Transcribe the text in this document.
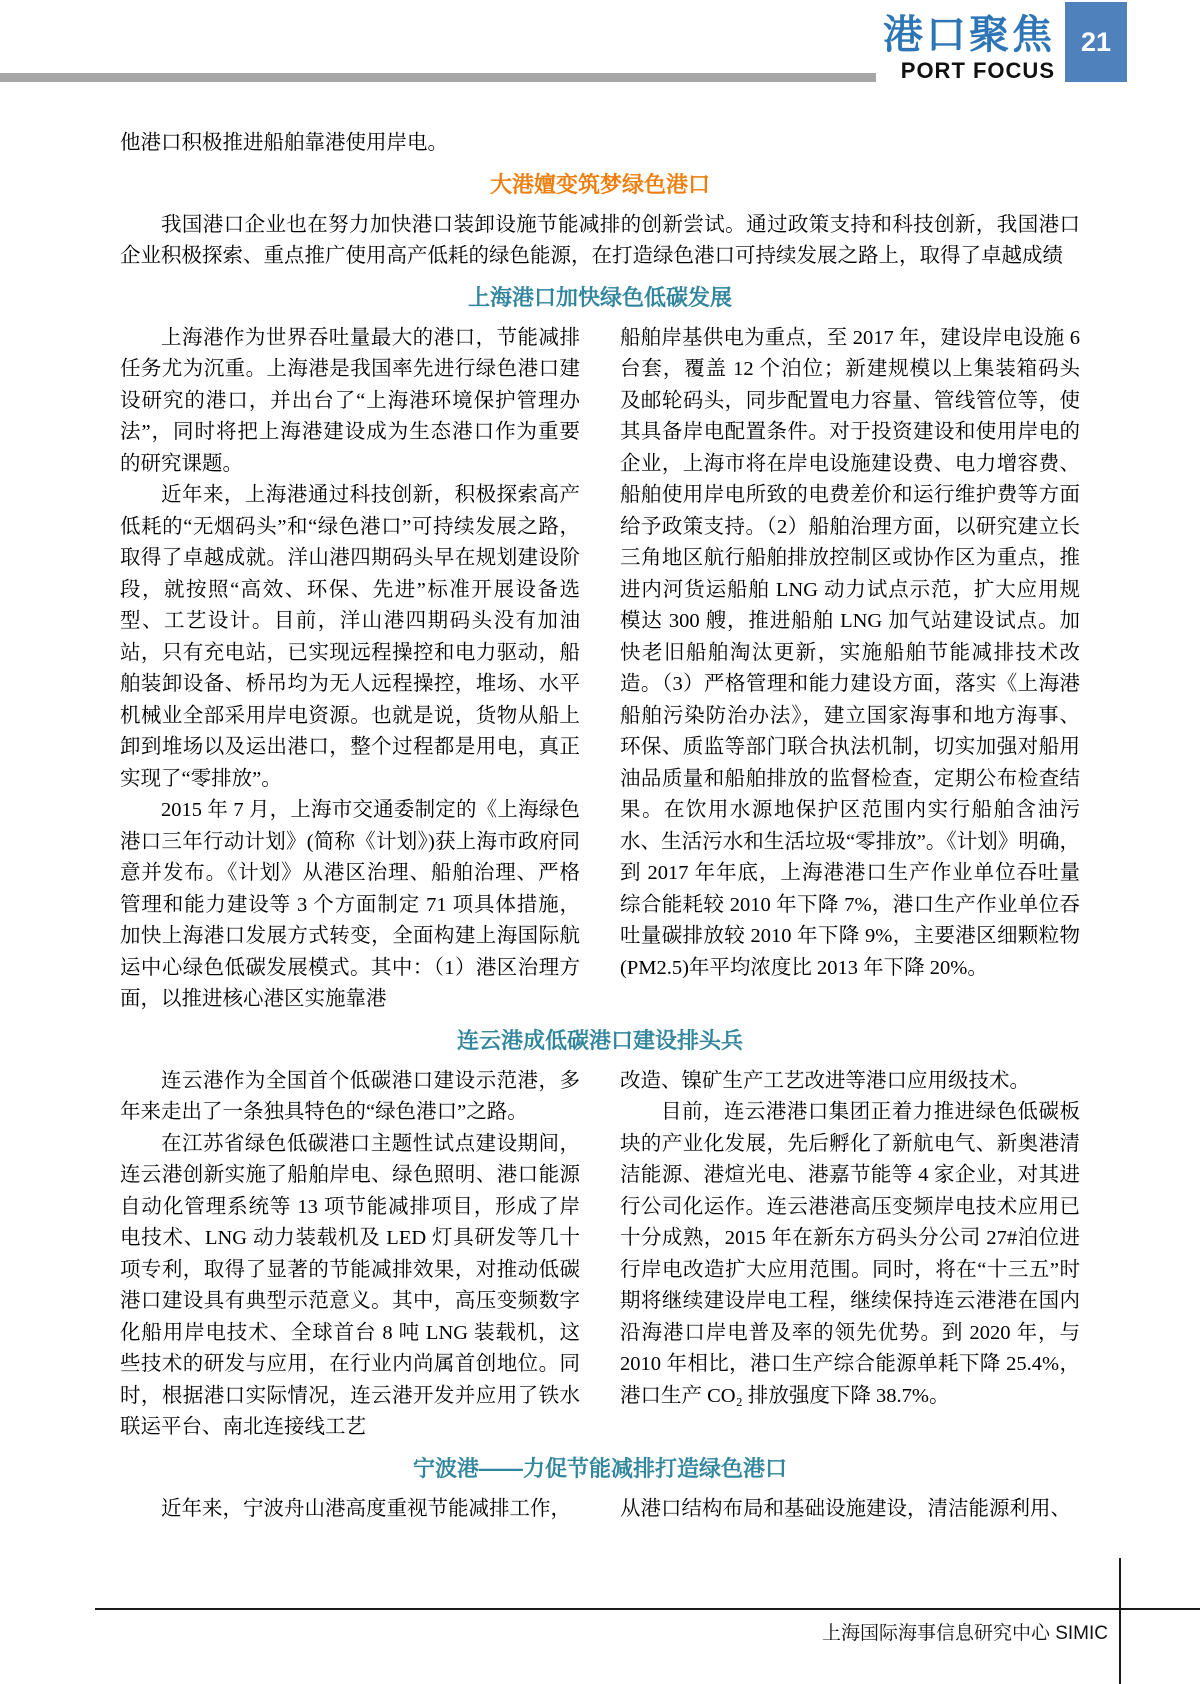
港口聚焦
PORT FOCUS
21

他港口积极推进船舶靠港使用岸电。

大港嬗变筑梦绿色港口

我国港口企业也在努力加快港口装卸设施节能减排的创新尝试。通过政策支持和科技创新，我国港口企业积极探索、重点推广使用高产低耗的绿色能源，在打造绿色港口可持续发展之路上，取得了卓越成绩

上海港口加快绿色低碳发展

上海港作为世界吞吐量最大的港口，节能减排任务尤为沉重。上海港是我国率先进行绿色港口建设研究的港口，并出台了“上海港环境保护管理办法”，同时将把上海港建设成为生态港口作为重要的研究课题。

近年来，上海港通过科技创新，积极探索高产低耗的“无烟码头”和“绿色港口”可持续发展之路，取得了卓越成就。洋山港四期码头早在规划建设阶段，就按照“高效、环保、先进”标准开展设备选型、工艺设计。目前，洋山港四期码头没有加油站，只有充电站，已实现远程操控和电力驱动，船舶装卸设备、桥吊均为无人远程操控，堆场、水平机械业全部采用岸电资源。也就是说，货物从船上卸到堆场以及运出港口，整个过程都是用电，真正实现了“零排放”。

2015 年 7 月，上海市交通委制定的《上海绿色港口三年行动计划》(简称《计划》)获上海市政府同意并发布。《计划》从港区治理、船舶治理、严格管理和能力建设等 3 个方面制定 71 项具体措施，加快上海港口发展方式转变，全面构建上海国际航运中心绿色低碳发展模式。其中：（1）港区治理方面，以推进核心港区实施靠港

船舶岸基供电为重点，至 2017 年，建设岸电设施 6 台套，覆盖 12 个泊位；新建规模以上集装箱码头及邮轮码头，同步配置电力容量、管线管位等，使其具备岸电配置条件。对于投资建设和使用岸电的企业，上海市将在岸电设施建设费、电力增容费、船舶使用岸电所致的电费差价和运行维护费等方面给予政策支持。（2）船舶治理方面，以研究建立长三角地区航行船舶排放控制区或协作区为重点，推进内河货运船舶 LNG 动力试点示范，扩大应用规模达 300 艘，推进船舶 LNG 加气站建设试点。加快老旧船舶淘汰更新，实施船舶节能减排技术改造。（3）严格管理和能力建设方面，落实《上海港船舶污染防治办法》，建立国家海事和地方海事、环保、质监等部门联合执法机制，切实加强对船用油品质量和船舶排放的监督检查，定期公布检查结果。在饮用水源地保护区范围内实行船舶含油污水、生活污水和生活垃圾“零排放”。《计划》明确，到 2017 年年底，上海港港口生产作业单位吞吐量综合能耗较 2010 年下降 7%，港口生产作业单位吞吐量碳排放较 2010 年下降 9%，主要港区细颗粒物(PM2.5)年平均浓度比 2013 年下降 20%。

连云港成低碳港口建设排头兵

连云港作为全国首个低碳港口建设示范港，多年来走出了一条独具特色的“绿色港口”之路。

在江苏省绿色低碳港口主题性试点建设期间，连云港创新实施了船舶岸电、绿色照明、港口能源自动化管理系统等 13 项节能减排项目，形成了岸电技术、LNG 动力装载机及 LED 灯具研发等几十项专利，取得了显著的节能减排效果，对推动低碳港口建设具有典型示范意义。其中，高压变频数字化船用岸电技术、全球首台 8 吨 LNG 装载机，这些技术的研发与应用，在行业内尚属首创地位。同时，根据港口实际情况，连云港开发并应用了铁水联运平台、南北连接线工艺

改造、镍矿生产工艺改进等港口应用级技术。

目前，连云港港口集团正着力推进绿色低碳板块的产业化发展，先后孵化了新航电气、新奥港清洁能源、港煊光电、港嘉节能等 4 家企业，对其进行公司化运作。连云港港高压变频岸电技术应用已十分成熟，2015 年在新东方码头分公司 27#泊位进行岸电改造扩大应用范围。同时，将在“十三五”时期将继续建设岸电工程，继续保持连云港港在国内沿海港口岸电普及率的领先优势。到 2020 年，与 2010 年相比，港口生产综合能源单耗下降 25.4%，港口生产 CO₂ 排放强度下降 38.7%。

宁波港——力促节能减排打造绿色港口

近年来，宁波舟山港高度重视节能减排工作，	从港口结构布局和基础设施建设，清洁能源利用、

上海国际海事信息研究中心 SIMIC
